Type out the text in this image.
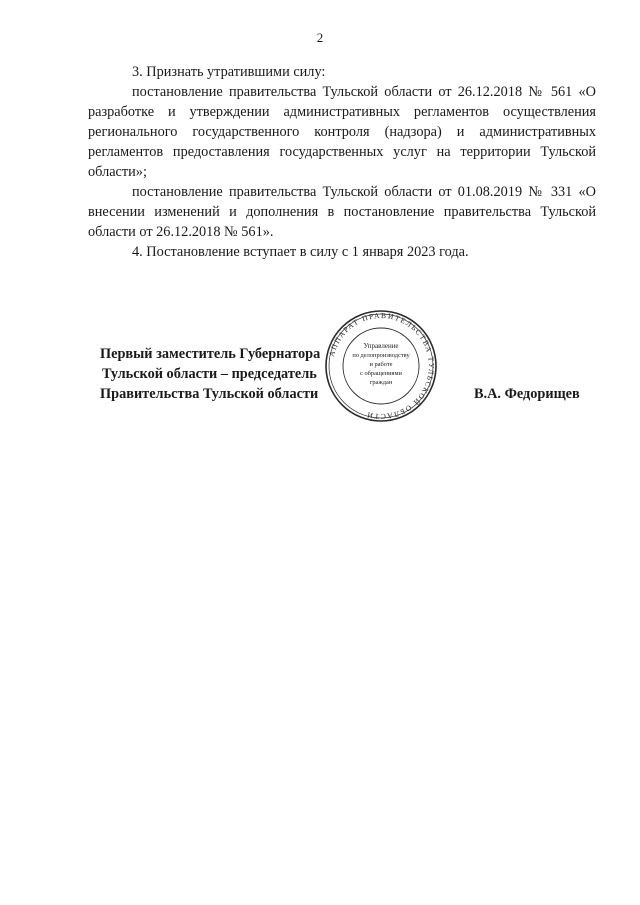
2

3. Признать утратившими силу:

постановление правительства Тульской области от 26.12.2018 № 561 «О разработке и утверждении административных регламентов осуществления регионального государственного контроля (надзора) и административных регламентов предоставления государственных услуг на территории Тульской области»;

постановление правительства Тульской области от 01.08.2019 № 331 «О внесении изменений и дополнения в постановление правительства Тульской области от 26.12.2018 № 561».

4. Постановление вступает в силу с 1 января 2023 года.

Первый заместитель Губернатора
Тульской области – председатель
Правительства Тульской области	В.А. Федорищев
АППАРАТ ПРАВИТЕЛЬСТВА ТУЛЬСКОЙ ОБЛАСТИ
Управление
по делопроизводству
и работе
с обращениями
граждан
